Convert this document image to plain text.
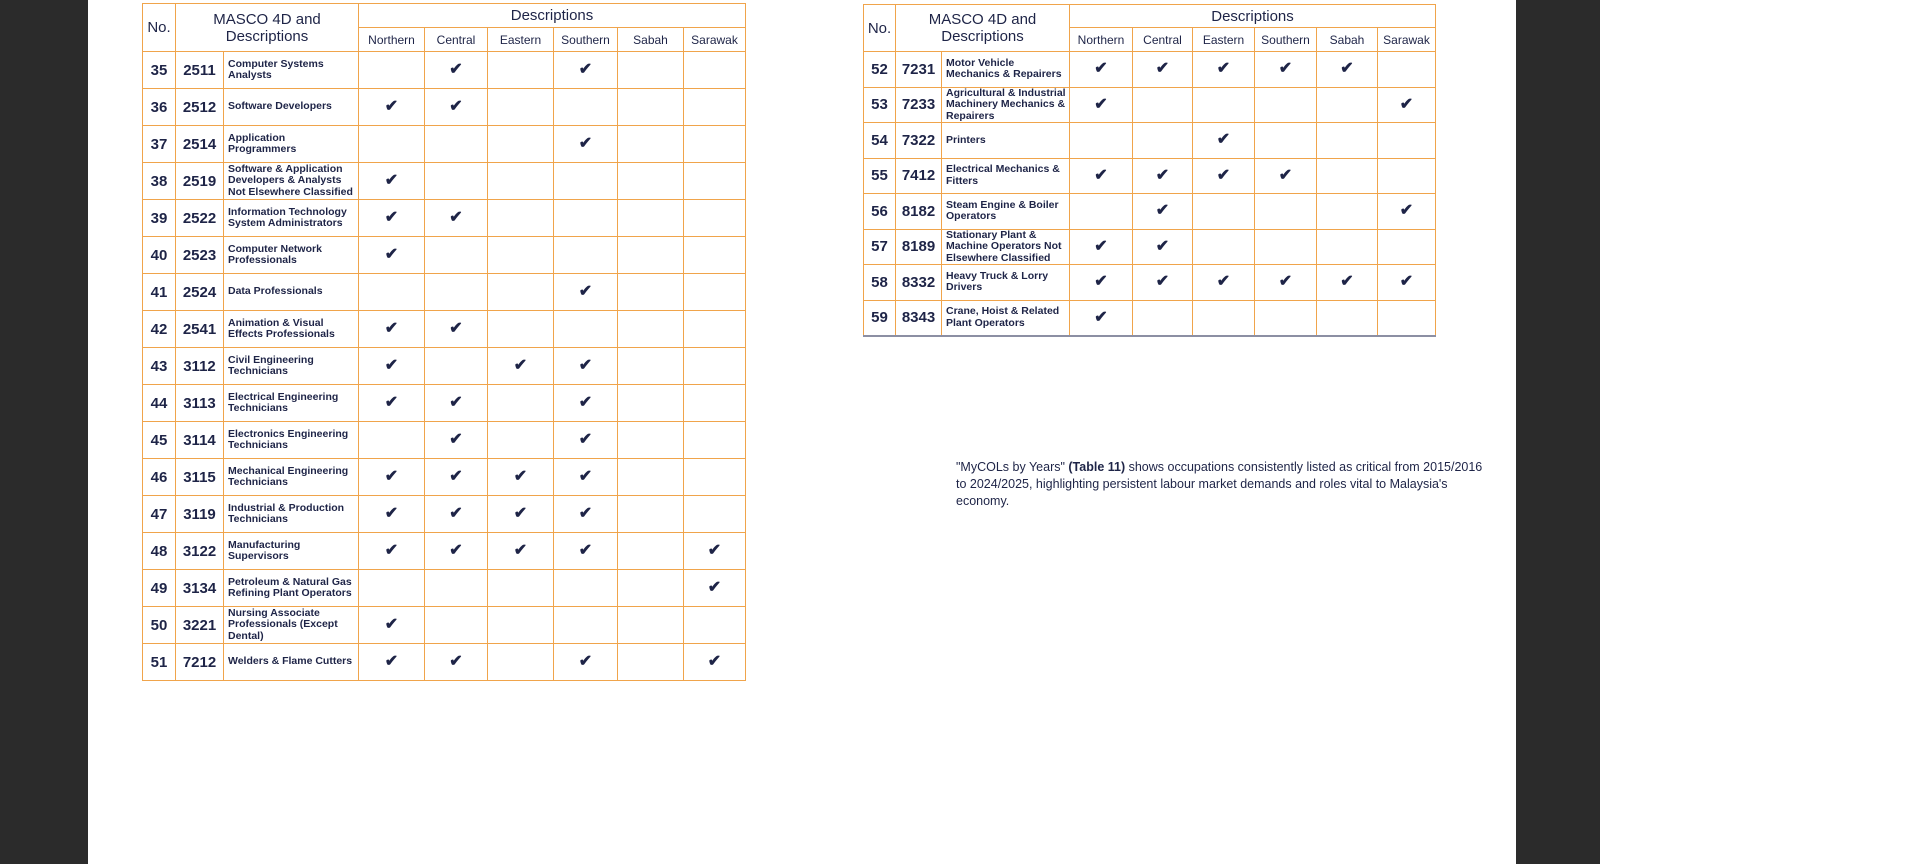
No.	MASCO 4D and Descriptions		Descriptions					
			Northern	Central	Eastern	Southern	Sabah	Sarawak
35	2511	Computer Systems Analysts		✔		✔		
36	2512	Software Developers	✔	✔				
37	2514	Application Programmers				✔		
38	2519	Software & Application Developers & Analysts Not Elsewhere Classified	✔					
39	2522	Information Technology System Administrators	✔	✔				
40	2523	Computer Network Professionals	✔					
41	2524	Data Professionals				✔		
42	2541	Animation & Visual Effects Professionals	✔	✔				
43	3112	Civil Engineering Technicians	✔		✔	✔		
44	3113	Electrical Engineering Technicians	✔	✔		✔		
45	3114	Electronics Engineering Technicians		✔		✔		
46	3115	Mechanical Engineering Technicians	✔	✔	✔	✔		
47	3119	Industrial & Production Technicians	✔	✔	✔	✔		
48	3122	Manufacturing Supervisors	✔	✔	✔	✔		✔
49	3134	Petroleum & Natural Gas Refining Plant Operators						✔
50	3221	Nursing Associate Professionals (Except Dental)	✔					
51	7212	Welders & Flame Cutters	✔	✔		✔		✔
No.	MASCO 4D and Descriptions		Descriptions					
			Northern	Central	Eastern	Southern	Sabah	Sarawak
52	7231	Motor Vehicle Mechanics & Repairers	✔	✔	✔	✔	✔	
53	7233	Agricultural & Industrial Machinery Mechanics & Repairers	✔					✔
54	7322	Printers			✔			
55	7412	Electrical Mechanics & Fitters	✔	✔	✔	✔		
56	8182	Steam Engine & Boiler Operators		✔				✔
57	8189	Stationary Plant & Machine Operators Not Elsewhere Classified	✔	✔				
58	8332	Heavy Truck & Lorry Drivers	✔	✔	✔	✔	✔	✔
59	8343	Crane, Hoist & Related Plant Operators	✔					

"MyCOLs by Years" (Table 11) shows occupations consistently listed as critical from 2015/2016 to 2024/2025, highlighting persistent labour market demands and roles vital to Malaysia's economy.
